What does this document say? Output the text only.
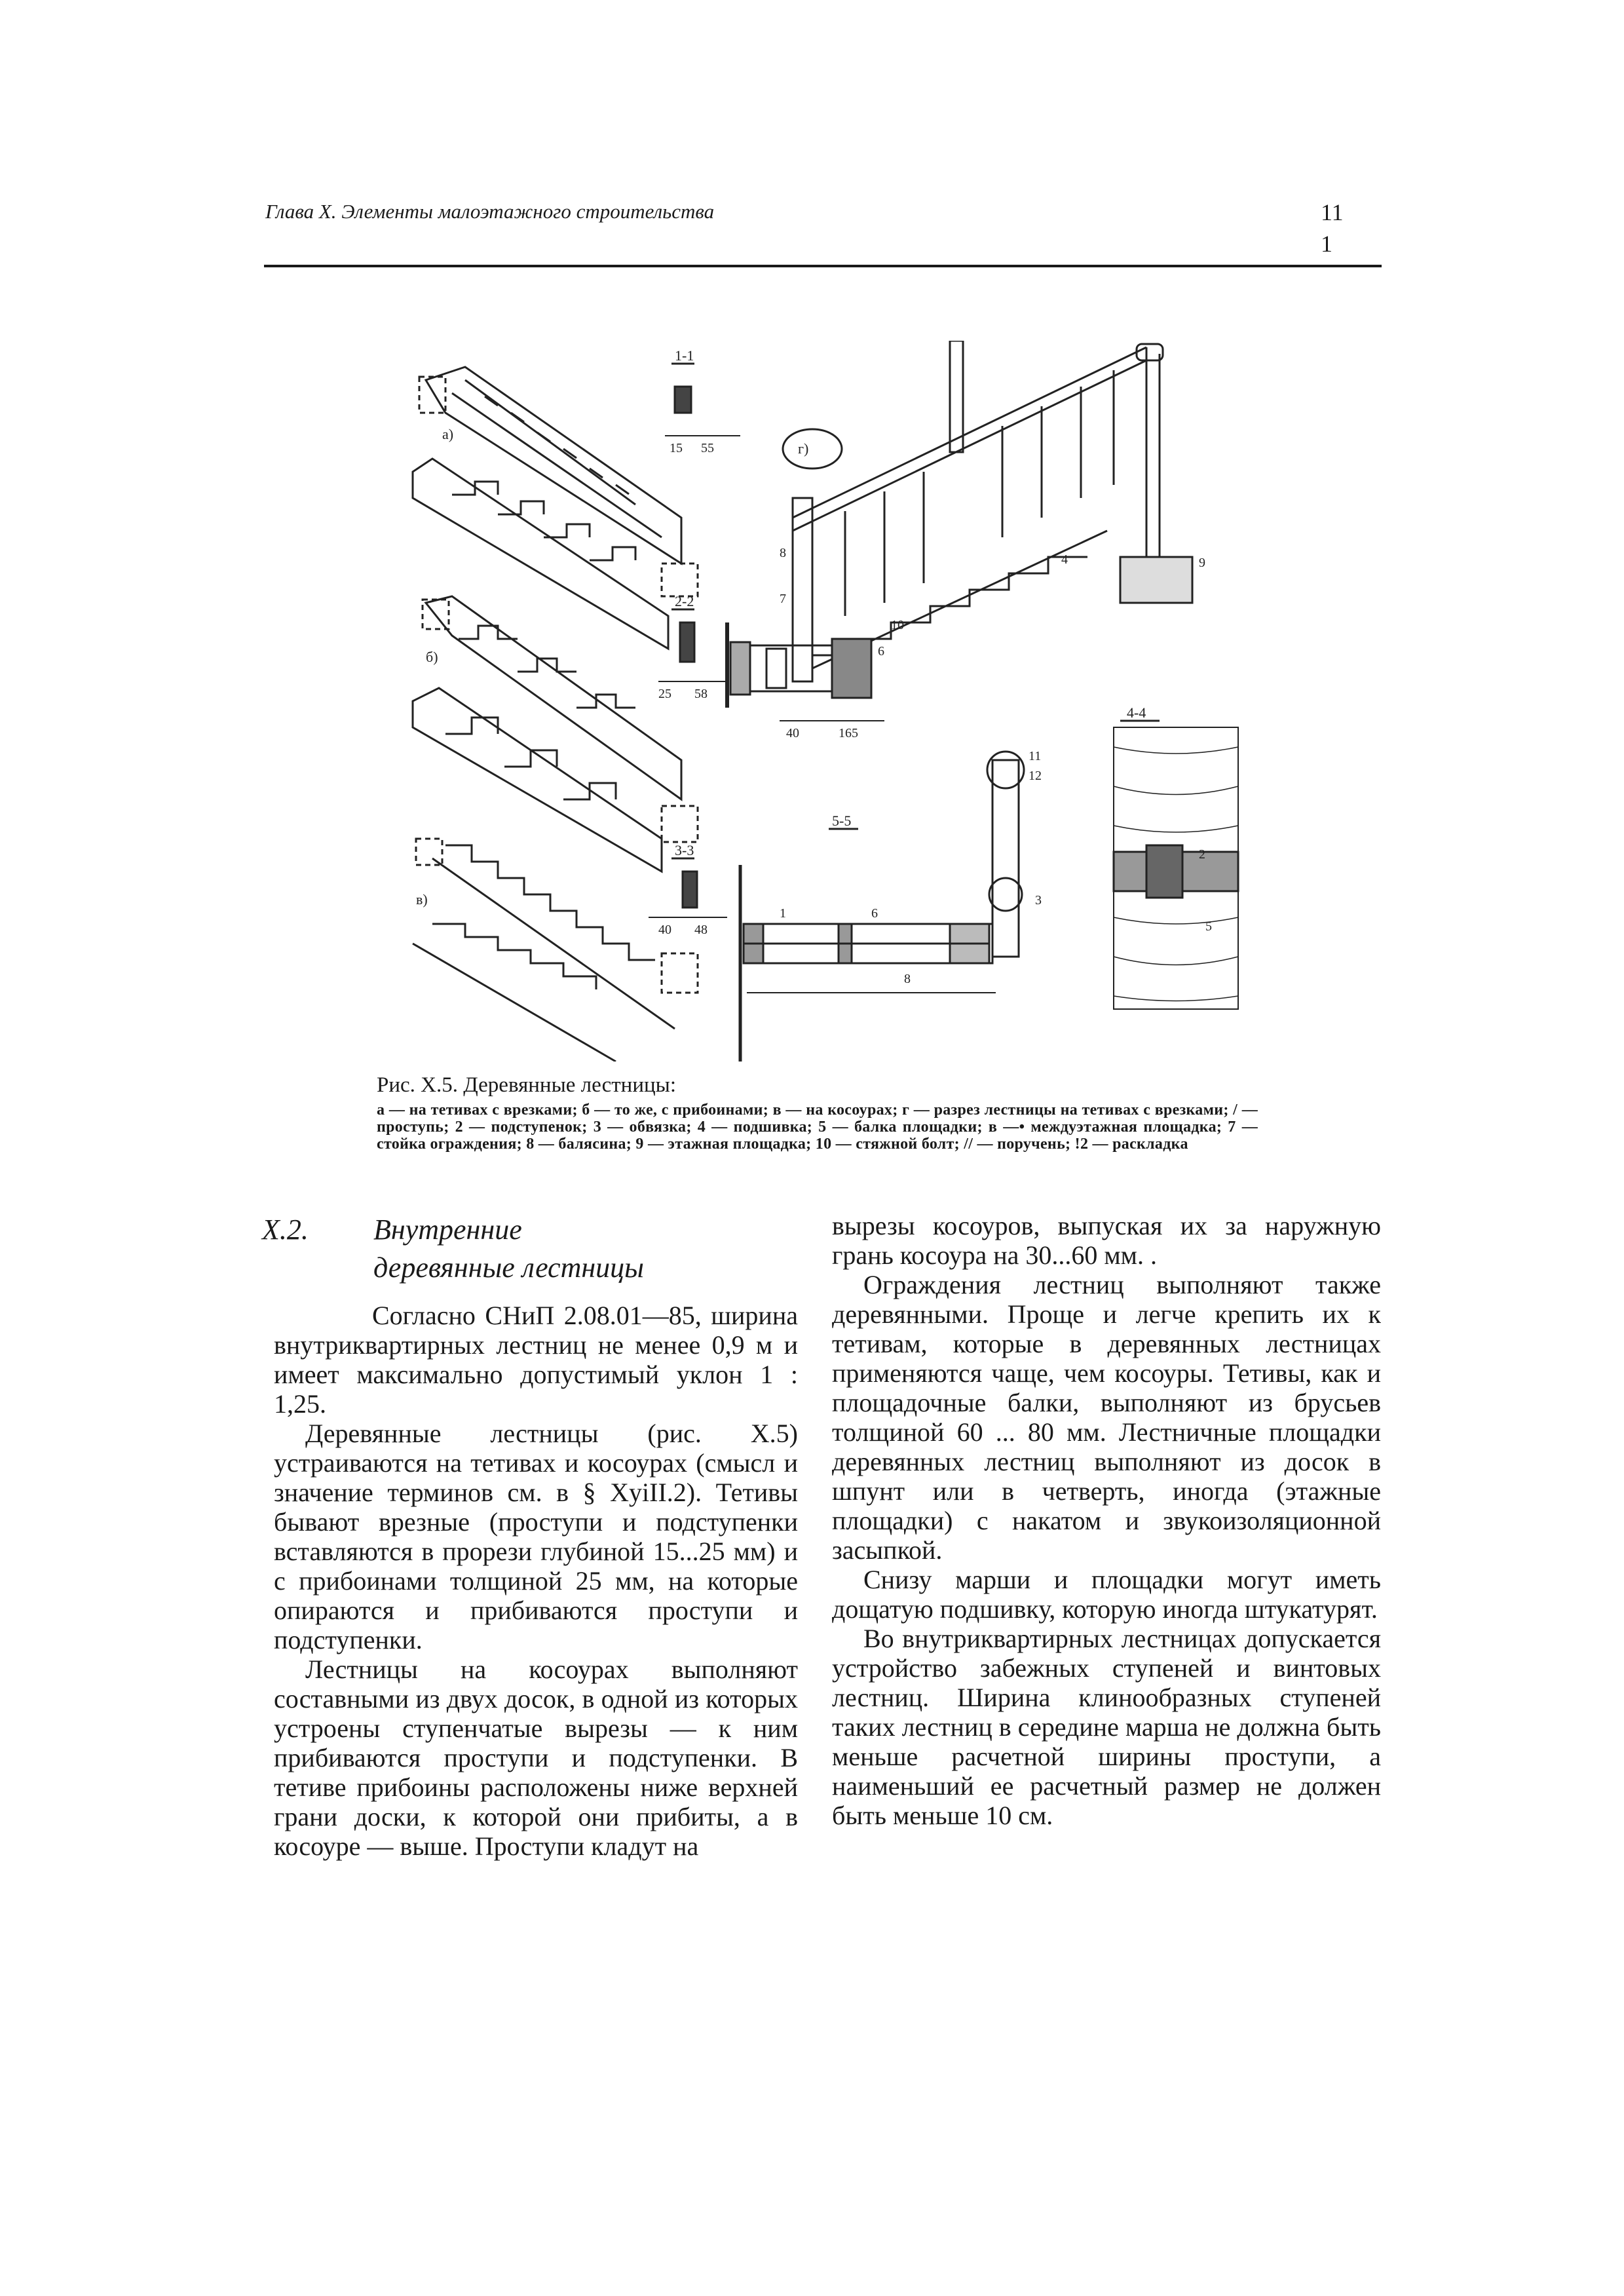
Глава X. Элементы малоэтажного строительства	11
1
а)
1-1
15 55
б)
2-2
25 58
в)
3-3
40 48
г)
40	165
4	9
8
7
10
6
5-5
8
11
12
1	6
3
4-4
2
5
Рис. X.5. Деревянные лестницы:
а — на тетивах с врезками; б — то же, с прибоинами; в — на косоурах; г — разрез лестницы на тетивах с врезками; / — проступь; 2 — подступенок; 3 — обвязка; 4 — подшивка; 5 — балка площадки; в —• междуэтажная площадка; 7 — стойка ограждения; 8 — балясина; 9 — этажная площадка; 10 — стяжной болт; // — поручень; !2 — раскладка
X.2. Внутренние
деревянные лестницы

Согласно СНиП 2.08.01—85, ширина внутриквартирных лестниц не менее 0,9 м и имеет максимально допустимый уклон 1 : 1,25.

Деревянные лестницы (рис. X.5) устраиваются на тетивах и косоурах (смысл и значение терминов см. в § XyiII.2). Тетивы бывают врезные (проступи и подступенки вставляются в прорези глубиной 15...25 мм) и с прибоинами толщиной 25 мм, на которые опираются и прибиваются проступи и подступенки.

Лестницы на косоурах выполняют составными из двух досок, в одной из которых устроены ступенчатые вырезы — к ним прибиваются проступи и подступенки. В тетиве прибоины расположены ниже верхней грани доски, к которой они прибиты, а в косоуре — выше. Проступи кладут на

вырезы косоуров, выпуская их за наружную грань косоура на 30...60 мм. .

Ограждения лестниц выполняют также деревянными. Проще и легче крепить их к тетивам, которые в деревянных лестницах применяются чаще, чем косоуры. Тетивы, как и площадочные балки, выполняют из брусьев толщиной 60 ... 80 мм. Лестничные площадки деревянных лестниц выполняют из досок в шпунт или в четверть, иногда (этажные площадки) с накатом и звукоизоляционной засыпкой.

Снизу марши и площадки могут иметь дощатую подшивку, которую иногда штукатурят.

Во внутриквартирных лестницах допускается устройство забежных ступеней и винтовых лестниц. Ширина клинообразных ступеней таких лестниц в середине марша не должна быть меньше расчетной ширины проступи, а наименьший ее расчетный размер не должен быть меньше 10 см.
